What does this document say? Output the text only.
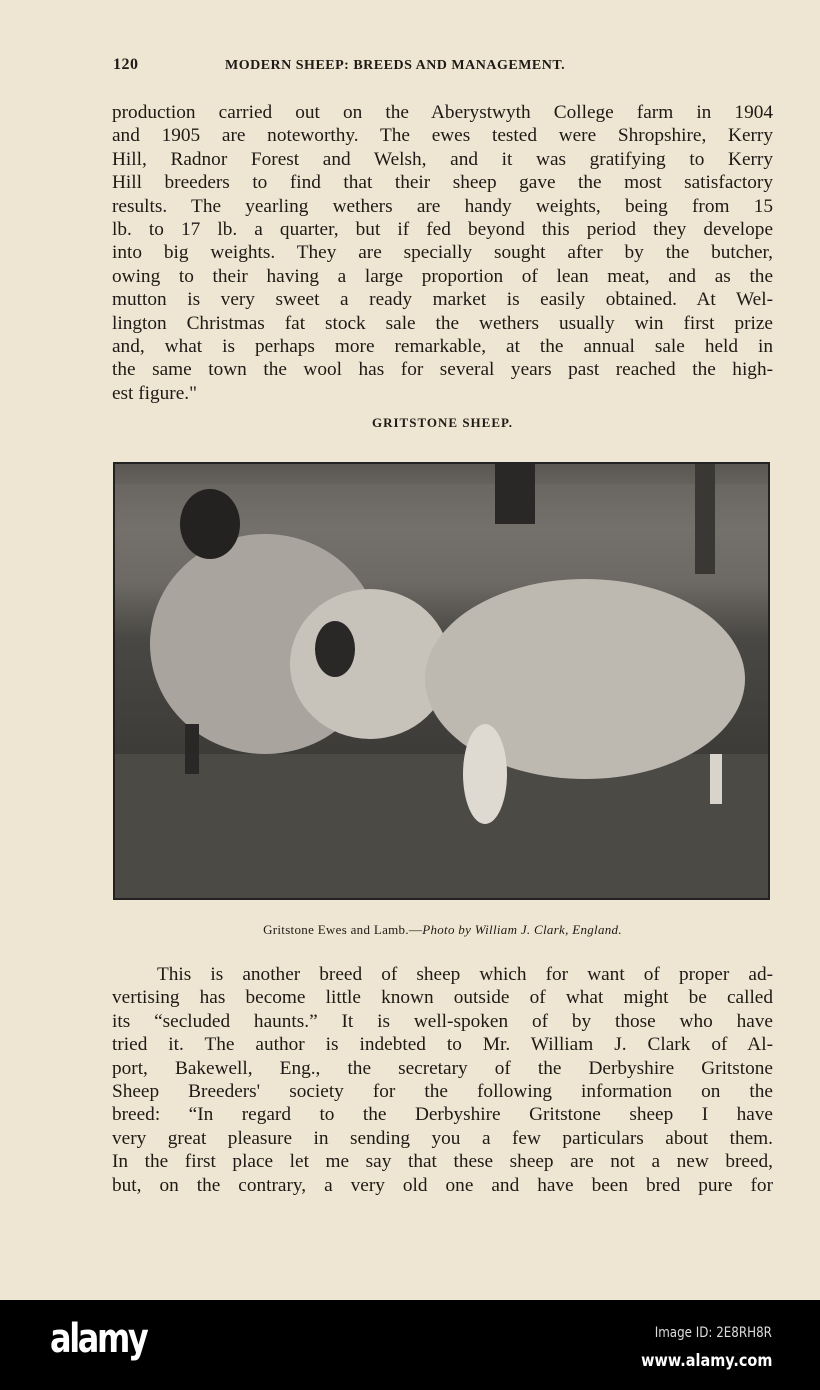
120	MODERN SHEEP: BREEDS AND MANAGEMENT.
production carried out on the Aberystwyth College farm in 1904
and 1905 are noteworthy. The ewes tested were Shropshire, Kerry
Hill, Radnor Forest and Welsh, and it was gratifying to Kerry
Hill breeders to find that their sheep gave the most satisfactory
results. The yearling wethers are handy weights, being from 15
lb. to 17 lb. a quarter, but if fed beyond this period they develope
into big weights. They are specially sought after by the butcher,
owing to their having a large proportion of lean meat, and as the
mutton is very sweet a ready market is easily obtained. At Wel-
lington Christmas fat stock sale the wethers usually win first prize
and, what is perhaps more remarkable, at the annual sale held in
the same town the wool has for several years past reached the high-
est figure."
GRITSTONE SHEEP.
Gritstone Ewes and Lamb.—Photo by William J. Clark, England.
This is another breed of sheep which for want of proper ad-
vertising has become little known outside of what might be called
its “secluded haunts.” It is well-spoken of by those who have
tried it. The author is indebted to Mr. William J. Clark of Al-
port, Bakewell, Eng., the secretary of the Derbyshire Gritstone
Sheep Breeders' society for the following information on the
breed: “In regard to the Derbyshire Gritstone sheep I have
very great pleasure in sending you a few particulars about them.
In the first place let me say that these sheep are not a new breed,
but, on the contrary, a very old one and have been bred pure for
alamy	Image ID: 2E8RH8R
www.alamy.com
